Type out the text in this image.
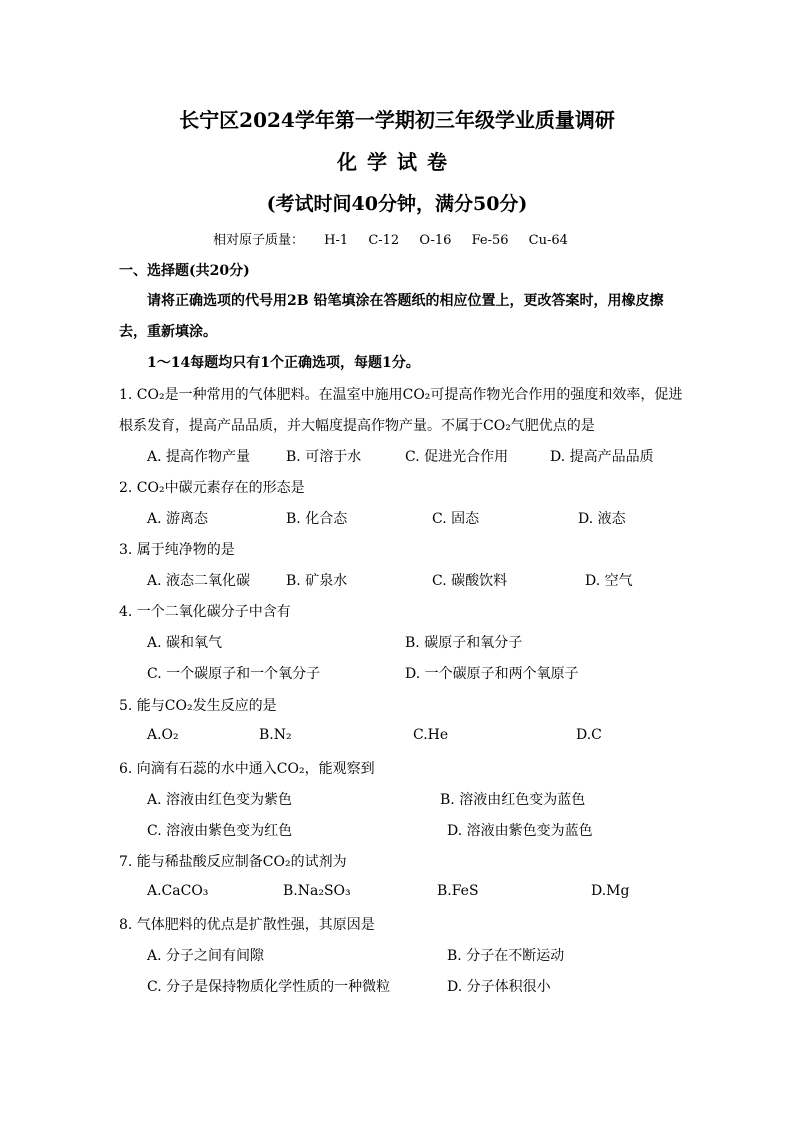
长宁区2024学年第一学期初三年级学业质量调研
化学试卷
(考试时间40分钟，满分50分)
相对原子质量： H-1 C-12 O-16 Fe-56 Cu-64
一、选择题(共20分)
请将正确选项的代号用2B 铅笔填涂在答题纸的相应位置上，更改答案时，用橡皮擦
去，重新填涂。
1～14每题均只有1个正确选项，每题1分。
1. CO₂是一种常用的气体肥料。在温室中施用CO₂可提高作物光合作用的强度和效率，促进
根系发育，提高产品品质，并大幅度提高作物产量。不属于CO₂气肥优点的是
A. 提高作物产量	B. 可溶于水	C. 促进光合作用	D. 提高产品品质
2. CO₂中碳元素存在的形态是
A. 游离态	B. 化合态	C. 固态	D. 液态
3. 属于纯净物的是
A. 液态二氧化碳	B. 矿泉水	C. 碳酸饮料	D. 空气
4. 一个二氧化碳分子中含有
A. 碳和氧气	B. 碳原子和氧分子
C. 一个碳原子和一个氧分子	D. 一个碳原子和两个氧原子
5. 能与CO₂发生反应的是
A.O₂	B.N₂	C.He	D.C
6. 向滴有石蕊的水中通入CO₂，能观察到
A. 溶液由红色变为紫色	B. 溶液由红色变为蓝色
C. 溶液由紫色变为红色	D. 溶液由紫色变为蓝色
7. 能与稀盐酸反应制备CO₂的试剂为
A.CaCO₃	B.Na₂SO₃	B.FeS	D.Mg
8. 气体肥料的优点是扩散性强，其原因是
A. 分子之间有间隙	B. 分子在不断运动
C. 分子是保持物质化学性质的一种微粒	D. 分子体积很小
